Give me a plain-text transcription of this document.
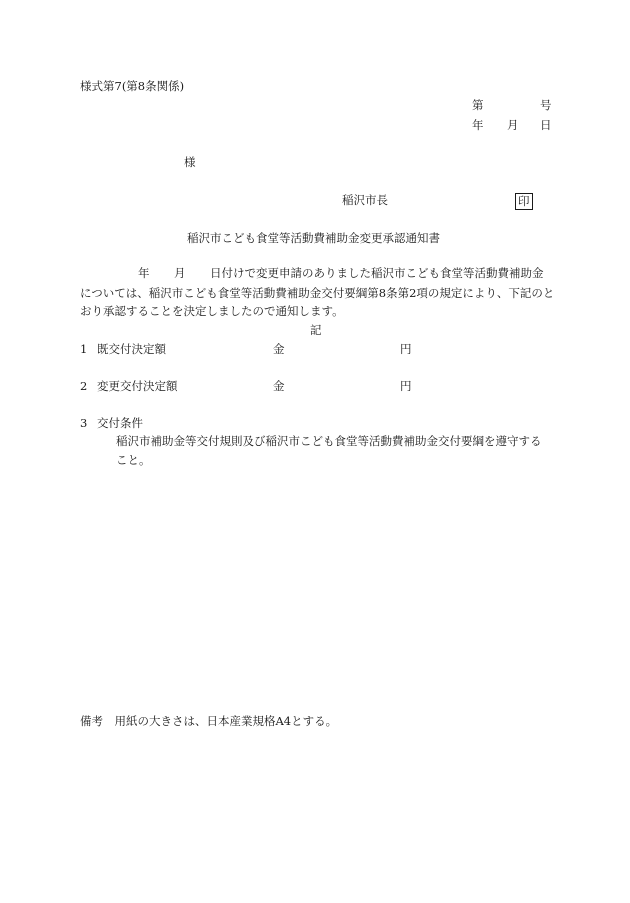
様式第7(第8条関係)
第	号
年 月 日
様
稲沢市長	印
稲沢市こども食堂等活動費補助金変更承認通知書
年 月 日付けで変更申請のありました稲沢市こども食堂等活動費補助金
については、稲沢市こども食堂等活動費補助金交付要綱第8条第2項の規定により、下記のと
おり承認することを決定しましたので通知します。
記
1 既交付決定額	金	円
2 変更交付決定額	金	円
3 交付条件
稲沢市補助金等交付規則及び稲沢市こども食堂等活動費補助金交付要綱を遵守する
こと。
備考　用紙の大きさは、日本産業規格A4とする。
